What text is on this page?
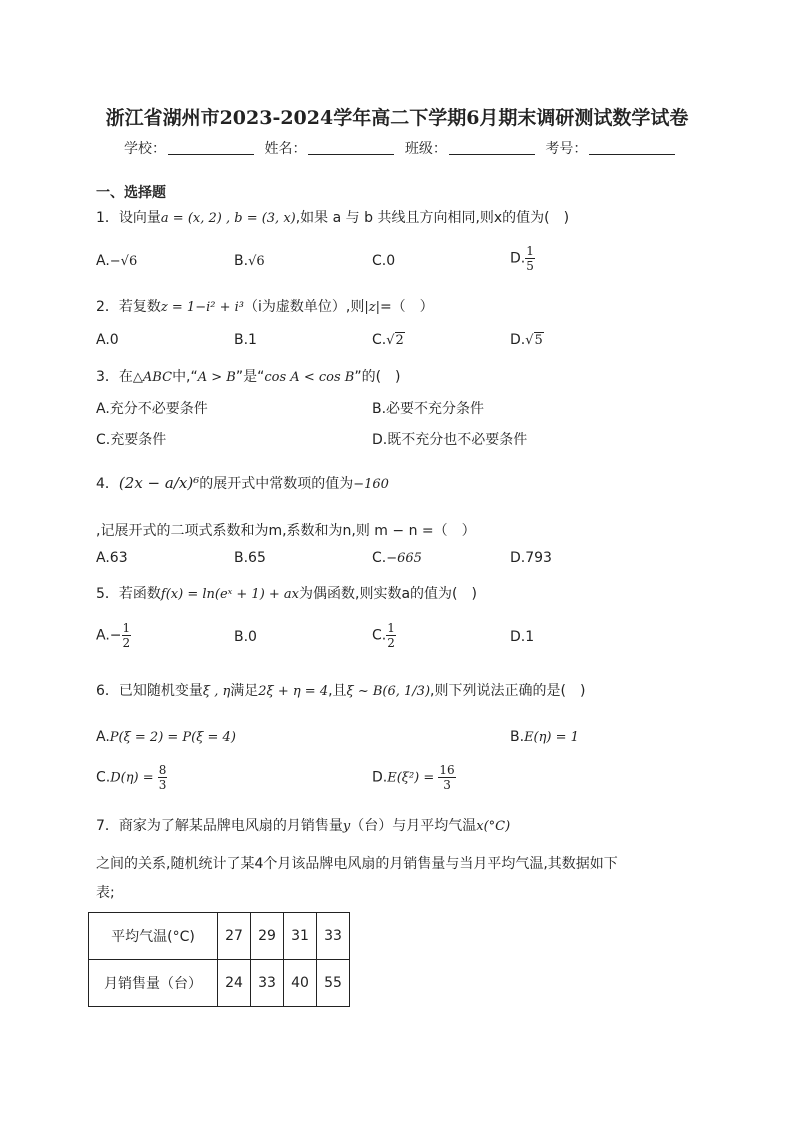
浙江省湖州市2023-2024学年高二下学期6月期末调研测试数学试卷
学校：	姓名：	班级：	考号：
一、选择题
1．设向量a = (x, 2) , b = (3, x),如果 a 与 b 共线且方向相同,则x的值为(　)
A.−√6	B.√6	C.0	D. $\frac{1}{5}$
2．若复数z = 1−i² + i³（i为虚数单位）,则|z|=（　）
A.0	B.1	C.√2	D.√5
3．在△ABC中,“A > B”是“cos A < cos B”的(　)
A.充分不必要条件	B.必要不充分条件
C.充要条件	D.既不充分也不必要条件
4．(2x − a/x)⁶的展开式中常数项的值为−160
,记展开式的二项式系数和为m,系数和为n,则 m − n =（　）
A.63	B.65	C.−665	D.793
5．若函数f(x) = ln(eˣ + 1) + ax为偶函数,则实数a的值为(　)
$A.- \frac{1}{2}$	B.0	C. $\frac{1}{2}$	D.1
6．已知随机变量ξ , η满足2ξ + η = 4,且ξ ~ B(6, 1/3),则下列说法正确的是(　)
A.P(ξ = 2) = P(ξ = 4)	B.E(η) = 1
$C.D(\eta) = \frac{8}{3}$	$D.E(\xi^2) = \frac{16}{3}$
7．商家为了解某品牌电风扇的月销售量y（台）与月平均气温x(°C)
之间的关系,随机统计了某4个月该品牌电风扇的月销售量与当月平均气温,其数据如下
表;
平均气温(°C)	27	29	31	33
月销售量（台）	24	33	40	55
